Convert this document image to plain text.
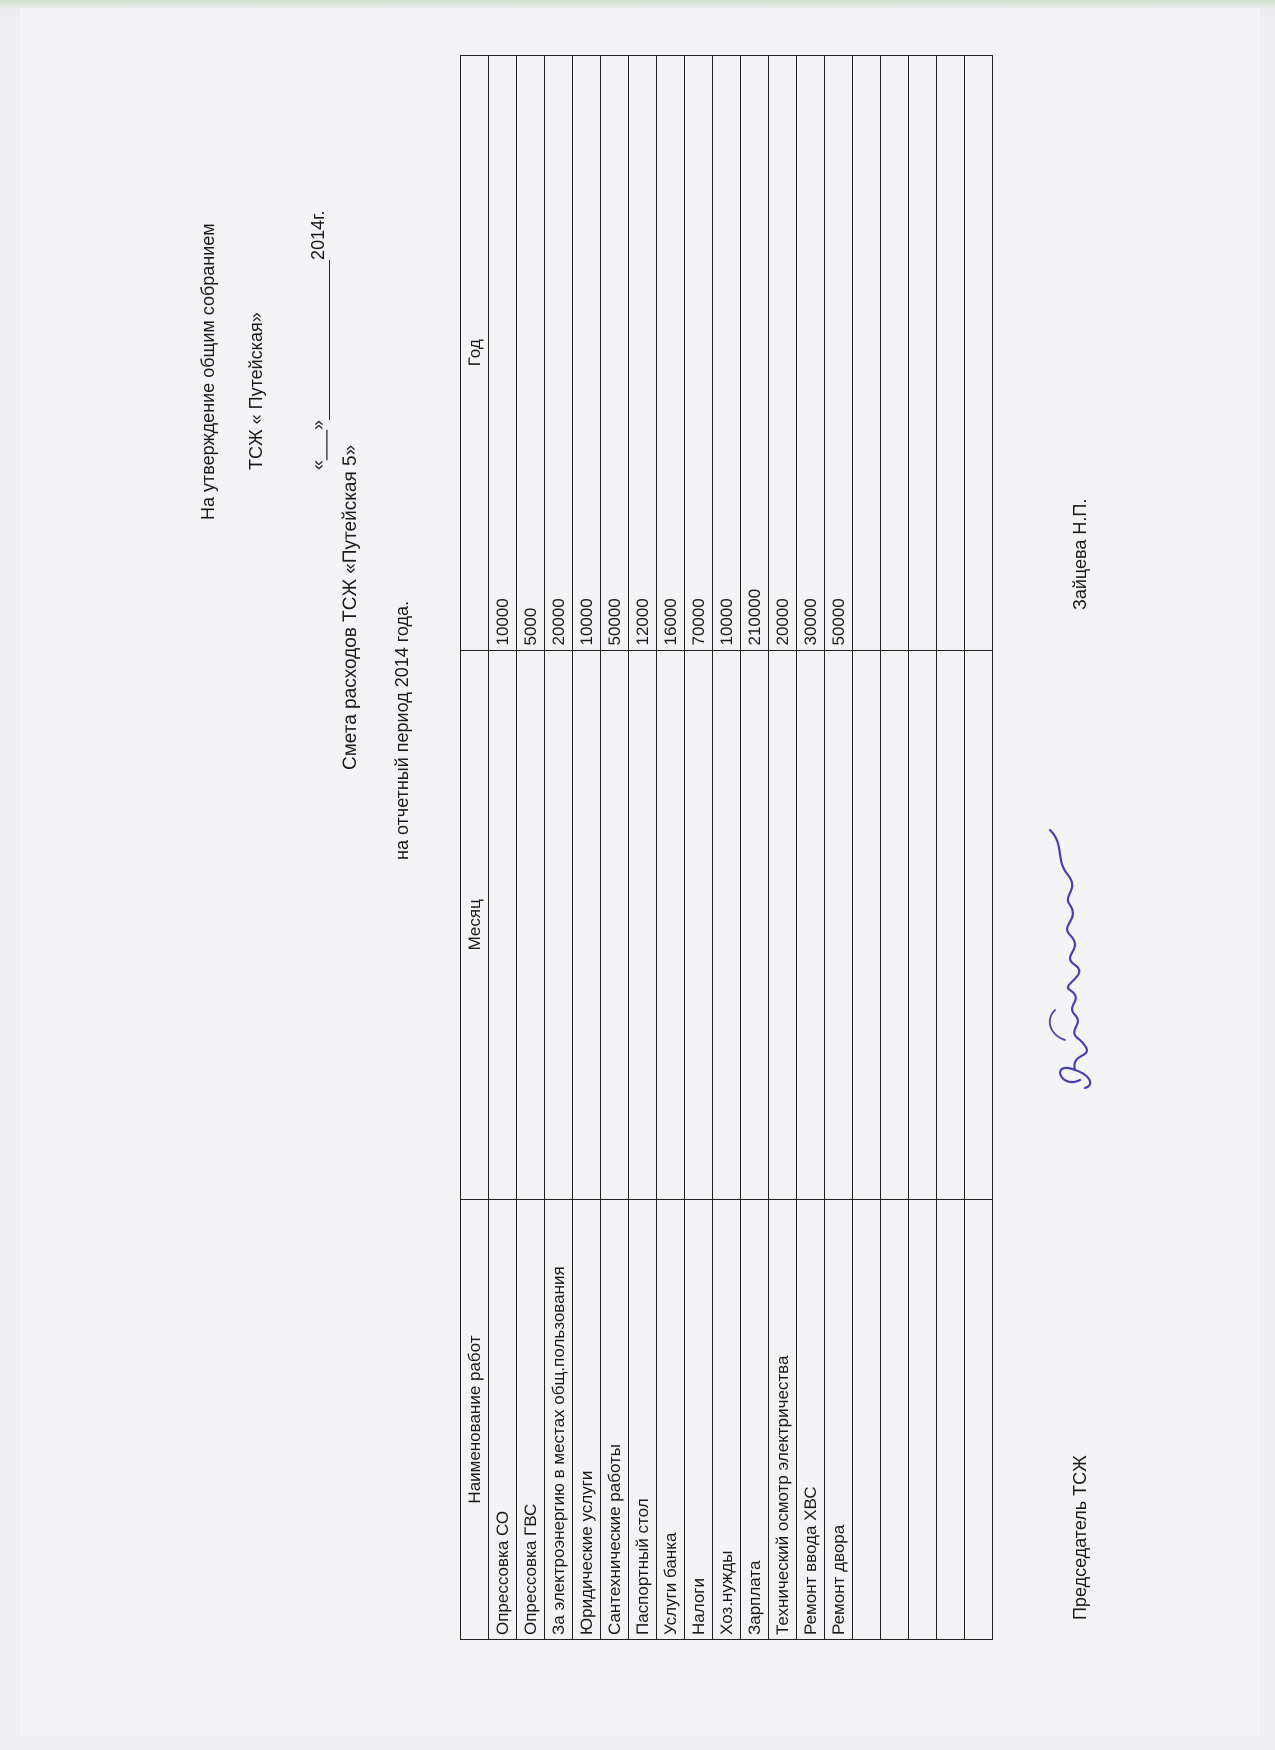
На утверждение общим собранием ТСЖ « Путейская» «___» 2014г.
Смета расходов ТСЖ «Путейская 5» на отчетный период 2014 года.
Наименование работ	Месяц	Год
Опрессовка СО		10000
Опрессовка ГВС		5000
За электроэнергию в местах общ.пользования		20000
Юридические услуги		10000
Сантехнические работы		50000
Паспортный стол		12000
Услуги банка		16000
Налоги		70000
Хоз.нужды		10000
Зарплата		210000
Технический осмотр электричества		20000
Ремонт ввода ХВС		30000
Ремонт двора		50000

Председатель ТСЖ
Зайцева Н.П.
